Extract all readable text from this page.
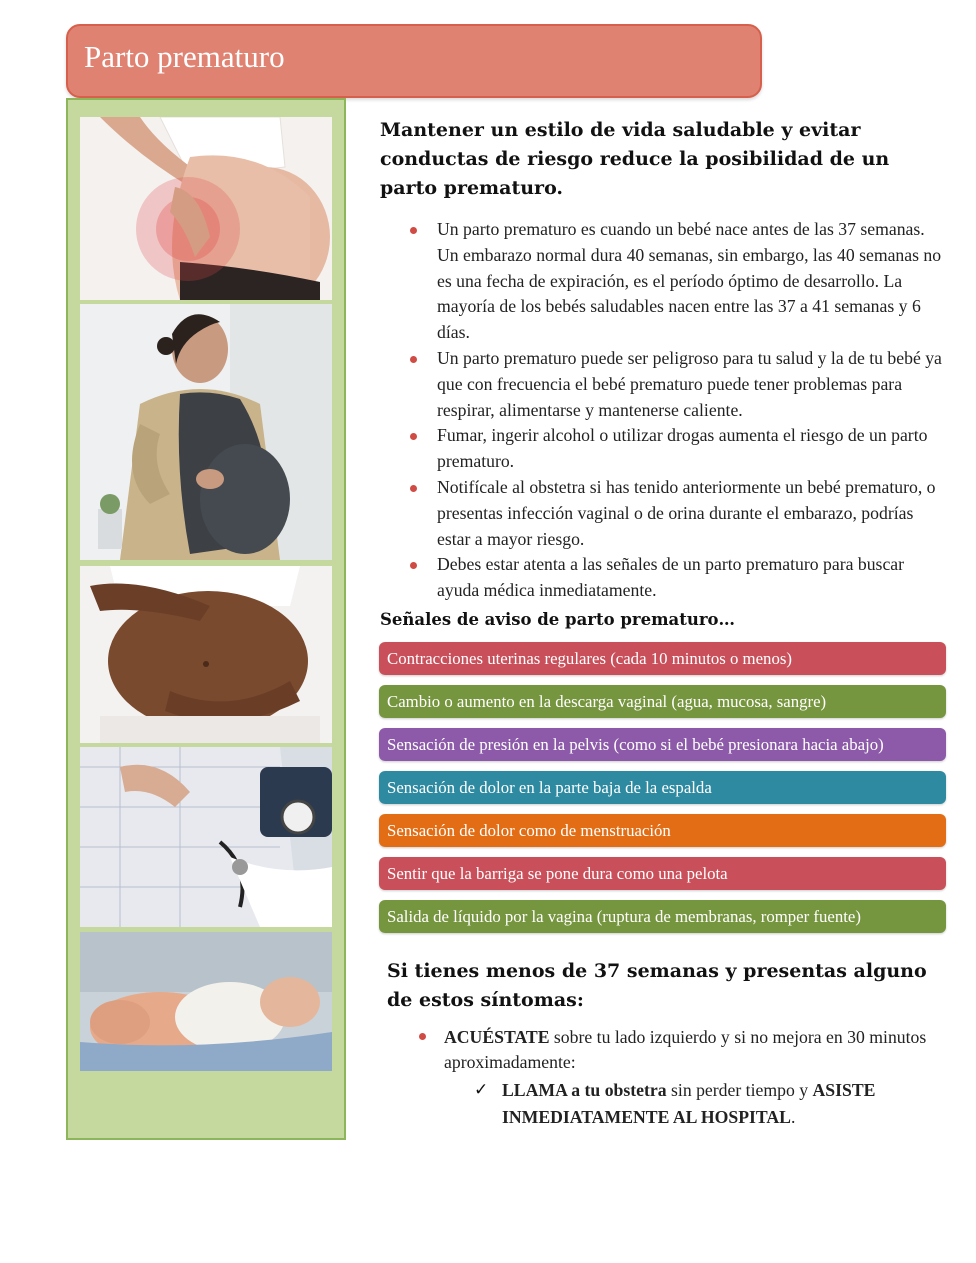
Parto prematuro

Mantener un estilo de vida saludable y evitar conductas de riesgo reduce la posibilidad de un parto prematuro.

Un parto prematuro es cuando un bebé nace antes de las 37 semanas. Un embarazo normal dura 40 semanas, sin embargo, las 40 semanas no es una fecha de expiración, es el período óptimo de desarrollo. La mayoría de los bebés saludables nacen entre las 37 a 41 semanas y 6 días.
Un parto prematuro puede ser peligroso para tu salud y la de tu bebé ya que con frecuencia el bebé prematuro puede tener problemas para respirar, alimentarse y mantenerse caliente.
Fumar, ingerir alcohol o utilizar drogas aumenta el riesgo de un parto prematuro.
Notifícale al obstetra si has tenido anteriormente un bebé prematuro, o presentas infección vaginal o de orina durante el embarazo, podrías estar a mayor riesgo.
Debes estar atenta a las señales de un parto prematuro para buscar ayuda médica inmediatamente.
Señales de aviso de parto prematuro…
Contracciones uterinas regulares (cada 10 minutos o menos)
Cambio o aumento en la descarga vaginal (agua, mucosa, sangre)
Sensación de presión en la pelvis (como si el bebé presionara hacia abajo)
Sensación de dolor en la parte baja de la espalda
Sensación de dolor como de menstruación
Sentir que la barriga se pone dura como una pelota
Salida de líquido por la vagina (ruptura de membranas, romper fuente)
Si tienes menos de 37 semanas y presentas alguno de estos síntomas:
ACUÉSTATE sobre tu lado izquierdo y si no mejora en 30 minutos aproximadamente:
✓ LLAMA a tu obstetra sin perder tiempo y ASISTE INMEDIATAMENTE AL HOSPITAL.
